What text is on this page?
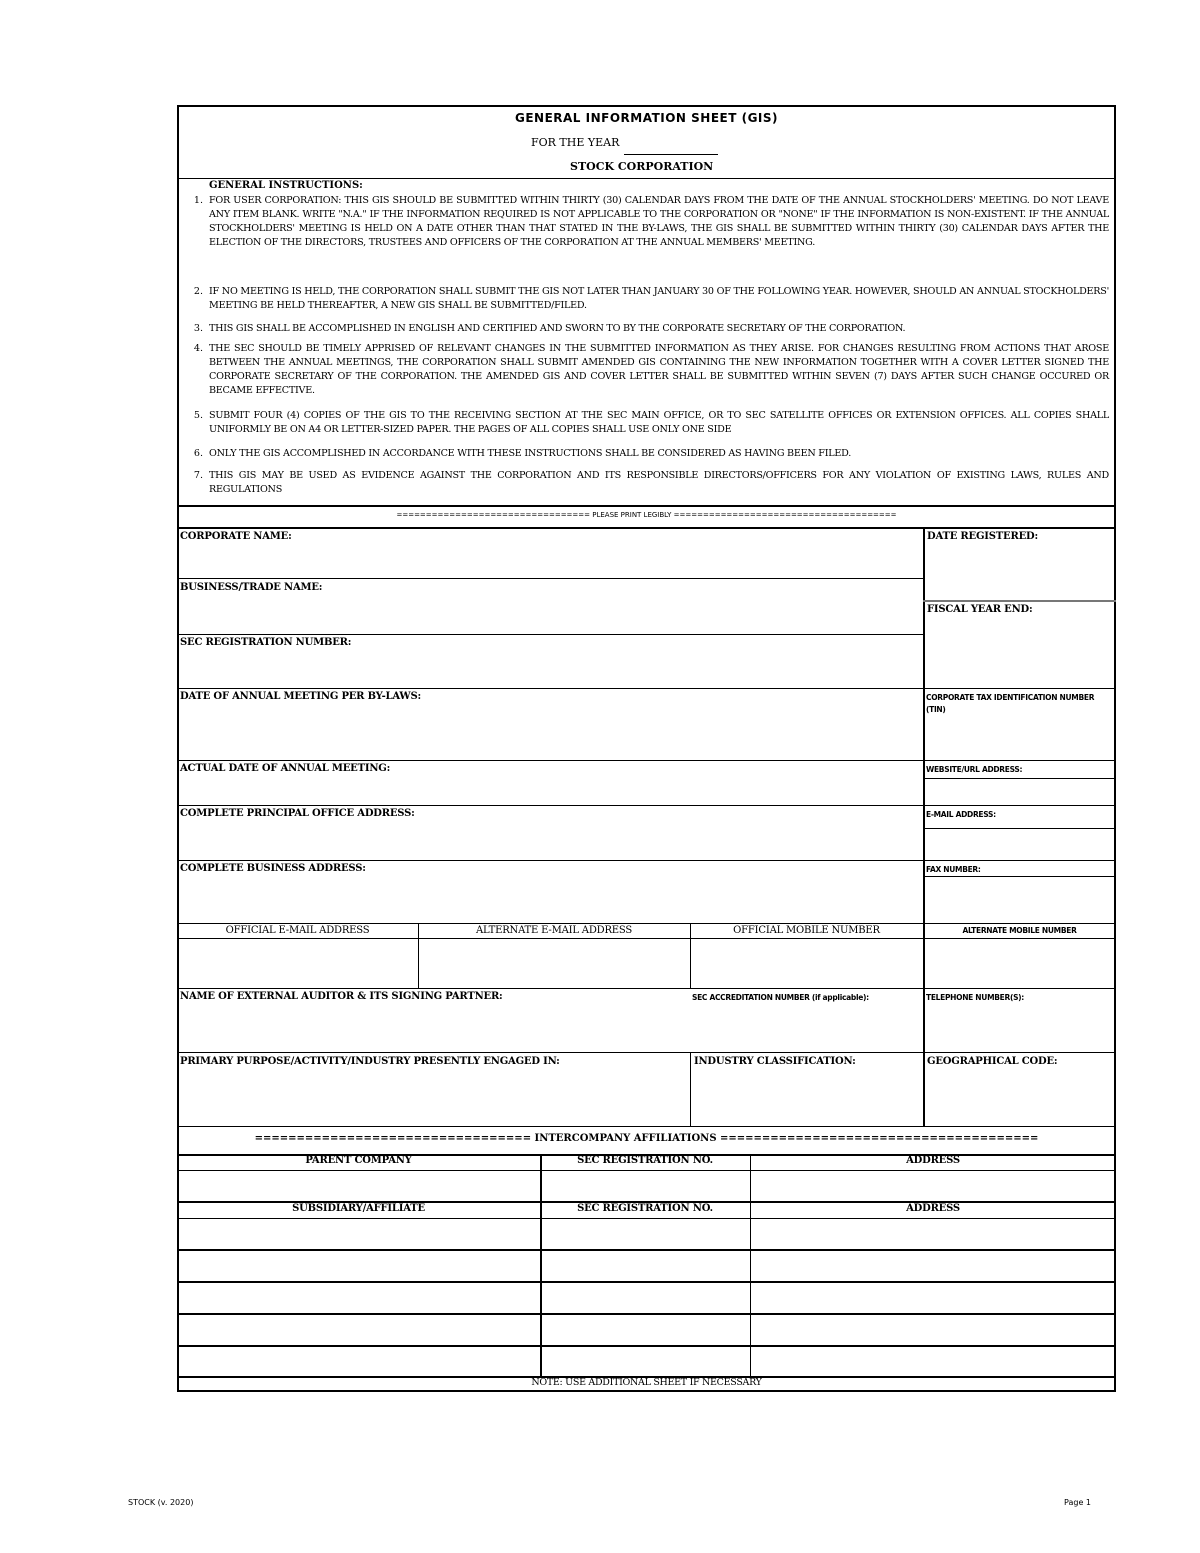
GENERAL INFORMATION SHEET (GIS)
FOR THE YEAR
STOCK CORPORATION
GENERAL INSTRUCTIONS:
1. FOR USER CORPORATION: THIS GIS SHOULD BE SUBMITTED WITHIN THIRTY (30) CALENDAR DAYS FROM THE DATE OF THE ANNUAL STOCKHOLDERS' MEETING. DO NOT LEAVE ANY ITEM BLANK. WRITE "N.A." IF THE INFORMATION REQUIRED IS NOT APPLICABLE TO THE CORPORATION OR "NONE" IF THE INFORMATION IS NON-EXISTENT. IF THE ANNUAL STOCKHOLDERS' MEETING IS HELD ON A DATE OTHER THAN THAT STATED IN THE BY-LAWS, THE GIS SHALL BE SUBMITTED WITHIN THIRTY (30) CALENDAR DAYS AFTER THE ELECTION OF THE DIRECTORS, TRUSTEES AND OFFICERS OF THE CORPORATION AT THE ANNUAL MEMBERS' MEETING.
2. IF NO MEETING IS HELD, THE CORPORATION SHALL SUBMIT THE GIS NOT LATER THAN JANUARY 30 OF THE FOLLOWING YEAR. HOWEVER, SHOULD AN ANNUAL STOCKHOLDERS' MEETING BE HELD THEREAFTER, A NEW GIS SHALL BE SUBMITTED/FILED.
3. THIS GIS SHALL BE ACCOMPLISHED IN ENGLISH AND CERTIFIED AND SWORN TO BY THE CORPORATE SECRETARY OF THE CORPORATION.
4. THE SEC SHOULD BE TIMELY APPRISED OF RELEVANT CHANGES IN THE SUBMITTED INFORMATION AS THEY ARISE. FOR CHANGES RESULTING FROM ACTIONS THAT AROSE BETWEEN THE ANNUAL MEETINGS, THE CORPORATION SHALL SUBMIT AMENDED GIS CONTAINING THE NEW INFORMATION TOGETHER WITH A COVER LETTER SIGNED THE CORPORATE SECRETARY OF THE CORPORATION. THE AMENDED GIS AND COVER LETTER SHALL BE SUBMITTED WITHIN SEVEN (7) DAYS AFTER SUCH CHANGE OCCURED OR BECAME EFFECTIVE.
5. SUBMIT FOUR (4) COPIES OF THE GIS TO THE RECEIVING SECTION AT THE SEC MAIN OFFICE, OR TO SEC SATELLITE OFFICES OR EXTENSION OFFICES. ALL COPIES SHALL UNIFORMLY BE ON A4 OR LETTER-SIZED PAPER. THE PAGES OF ALL COPIES SHALL USE ONLY ONE SIDE
6. ONLY THE GIS ACCOMPLISHED IN ACCORDANCE WITH THESE INSTRUCTIONS SHALL BE CONSIDERED AS HAVING BEEN FILED.
7. THIS GIS MAY BE USED AS EVIDENCE AGAINST THE CORPORATION AND ITS RESPONSIBLE DIRECTORS/OFFICERS FOR ANY VIOLATION OF EXISTING LAWS, RULES AND REGULATIONS
================================= PLEASE PRINT LEGIBLY ======================================
CORPORATE NAME:
BUSINESS/TRADE NAME:
SEC REGISTRATION NUMBER:
DATE OF ANNUAL MEETING PER BY-LAWS:
ACTUAL DATE OF ANNUAL MEETING:
COMPLETE PRINCIPAL OFFICE ADDRESS:
COMPLETE BUSINESS ADDRESS:
OFFICIAL E-MAIL ADDRESS	ALTERNATE E-MAIL ADDRESS	OFFICIAL MOBILE NUMBER	ALTERNATE MOBILE NUMBER
NAME OF EXTERNAL AUDITOR & ITS SIGNING PARTNER:	SEC ACCREDITATION NUMBER (if applicable):
PRIMARY PURPOSE/ACTIVITY/INDUSTRY PRESENTLY ENGAGED IN:	INDUSTRY CLASSIFICATION:
DATE REGISTERED:
FISCAL YEAR END:
CORPORATE TAX IDENTIFICATION NUMBER (TIN)
WEBSITE/URL ADDRESS:
E-MAIL ADDRESS:
FAX NUMBER:
TELEPHONE NUMBER(S):
GEOGRAPHICAL CODE:
================================= INTERCOMPANY AFFILIATIONS ======================================
PARENT COMPANY	SEC REGISTRATION NO.	ADDRESS
SUBSIDIARY/AFFILIATE	SEC REGISTRATION NO.	ADDRESS
NOTE: USE ADDITIONAL SHEET IF NECESSARY
STOCK (v. 2020)	Page 1
